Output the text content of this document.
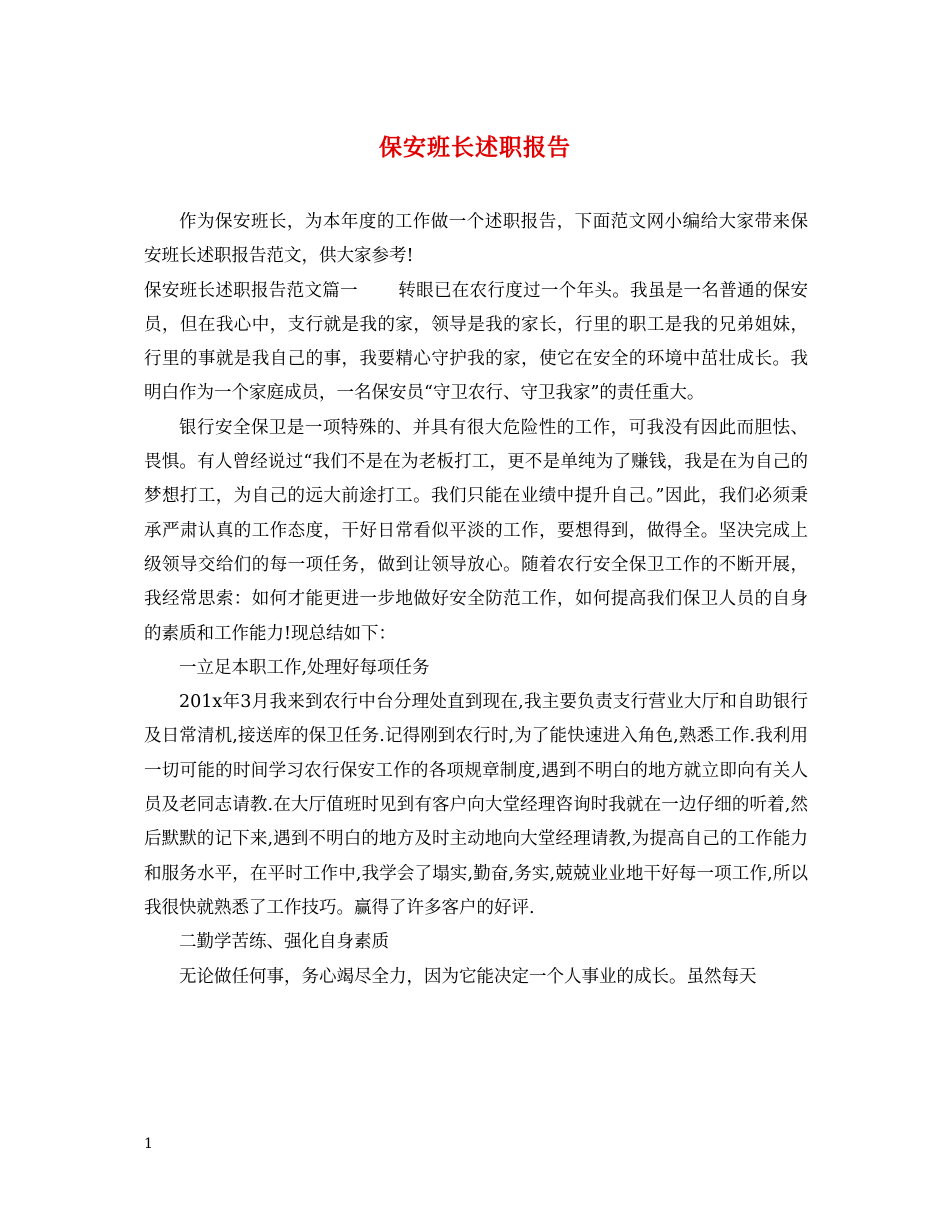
保安班长述职报告

作为保安班长，为本年度的工作做一个述职报告，下面范文网小编给大家带来保安班长述职报告范文，供大家参考!

保安班长述职报告范文篇一 转眼已在农行度过一个年头。我虽是一名普通的保安员，但在我心中，支行就是我的家，领导是我的家长，行里的职工是我的兄弟姐妹，行里的事就是我自己的事，我要精心守护我的家，使它在安全的环境中茁壮成长。我明白作为一个家庭成员，一名保安员“守卫农行、守卫我家”的责任重大。

银行安全保卫是一项特殊的、并具有很大危险性的工作，可我没有因此而胆怯、畏惧。有人曾经说过“我们不是在为老板打工，更不是单纯为了赚钱，我是在为自己的梦想打工，为自己的远大前途打工。我们只能在业绩中提升自己。”因此，我们必须秉承严肃认真的工作态度，干好日常看似平淡的工作，要想得到，做得全。坚决完成上级领导交给们的每一项任务，做到让领导放心。随着农行安全保卫工作的不断开展，我经常思索：如何才能更进一步地做好安全防范工作，如何提高我们保卫人员的自身的素质和工作能力!现总结如下：

一立足本职工作,处理好每项任务

201x年3月我来到农行中台分理处直到现在,我主要负责支行营业大厅和自助银行及日常清机,接送库的保卫任务.记得刚到农行时,为了能快速进入角色,熟悉工作.我利用一切可能的时间学习农行保安工作的各项规章制度,遇到不明白的地方就立即向有关人员及老同志请教.在大厅值班时见到有客户向大堂经理咨询时我就在一边仔细的听着,然后默默的记下来,遇到不明白的地方及时主动地向大堂经理请教,为提高自己的工作能力和服务水平，在平时工作中,我学会了塌实,勤奋,务实,兢兢业业地干好每一项工作,所以我很快就熟悉了工作技巧。赢得了许多客户的好评.

二勤学苦练、强化自身素质

无论做任何事，务心竭尽全力，因为它能决定一个人事业的成长。虽然每天

1
